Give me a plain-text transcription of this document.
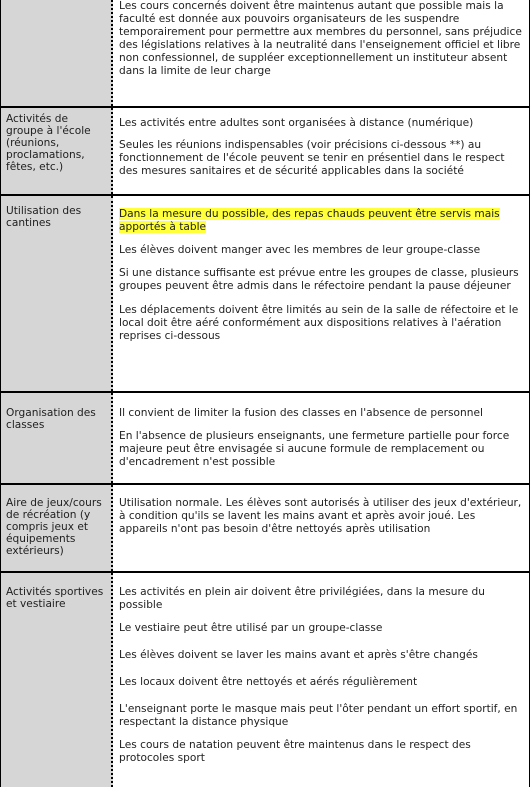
Les cours concernés doivent être maintenus autant que possible mais la faculté est donnée aux pouvoirs organisateurs de les suspendre temporairement pour permettre aux membres du personnel, sans préjudice des législations relatives à la neutralité dans l'enseignement officiel et libre non confessionnel, de suppléer exceptionnellement un instituteur absent dans la limite de leur charge

Activités de groupe à l'école (réunions, proclamations, fêtes, etc.)

Les activités entre adultes sont organisées à distance (numérique)

Seules les réunions indispensables (voir précisions ci-dessous **) au fonctionnement de l'école peuvent se tenir en présentiel dans le respect des mesures sanitaires et de sécurité applicables dans la société

Utilisation des cantines

Dans la mesure du possible, des repas chauds peuvent être servis mais apportés à table

Les élèves doivent manger avec les membres de leur groupe-classe

Si une distance suffisante est prévue entre les groupes de classe, plusieurs groupes peuvent être admis dans le réfectoire pendant la pause déjeuner

Les déplacements doivent être limités au sein de la salle de réfectoire et le local doit être aéré conformément aux dispositions relatives à l'aération reprises ci-dessous

Organisation des classes

Il convient de limiter la fusion des classes en l'absence de personnel

En l'absence de plusieurs enseignants, une fermeture partielle pour force majeure peut être envisagée si aucune formule de remplacement ou d'encadrement n'est possible

Aire de jeux/cours de récréation (y compris jeux et équipements extérieurs)

Utilisation normale. Les élèves sont autorisés à utiliser des jeux d'extérieur, à condition qu'ils se lavent les mains avant et après avoir joué. Les appareils n'ont pas besoin d'être nettoyés après utilisation

Activités sportives et vestiaire

Les activités en plein air doivent être privilégiées, dans la mesure du possible

Le vestiaire peut être utilisé par un groupe-classe

Les élèves doivent se laver les mains avant et après s'être changés

Les locaux doivent être nettoyés et aérés régulièrement

L'enseignant porte le masque mais peut l'ôter pendant un effort sportif, en respectant la distance physique

Les cours de natation peuvent être maintenus dans le respect des protocoles sport
